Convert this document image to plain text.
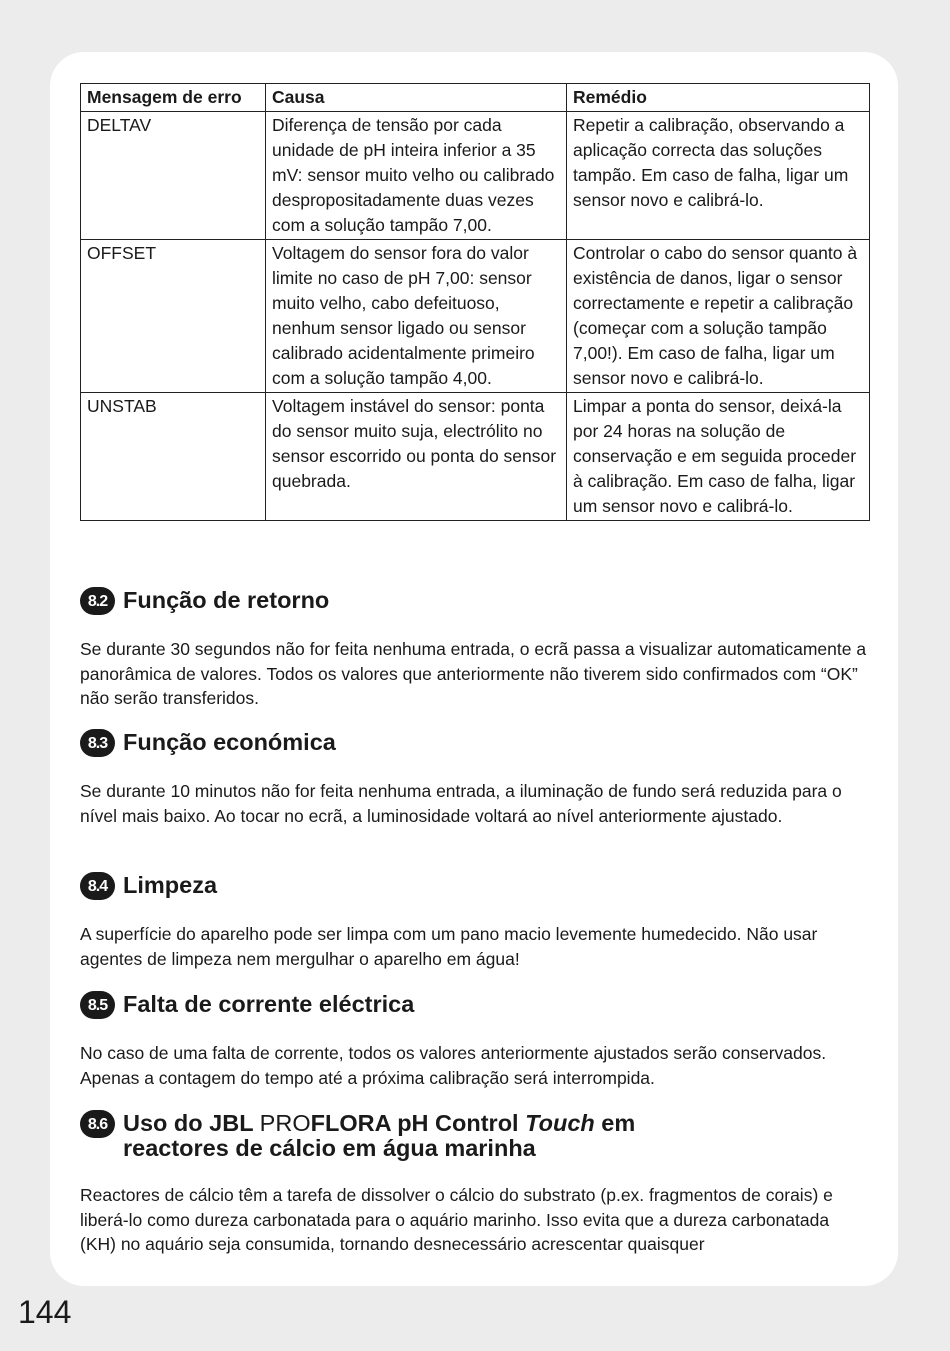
Mensagem de erro	Causa	Remédio
DELTAV	Diferença de tensão por cada unidade de pH inteira inferior a 35 mV: sensor muito velho ou calibrado despropositadamente duas vezes com a solução tampão 7,00.	Repetir a calibração, observando a aplicação correcta das soluções tampão. Em caso de falha, ligar um sensor novo e calibrá-lo.
OFFSET	Voltagem do sensor fora do valor limite no caso de pH 7,00: sensor muito velho, cabo defeituoso, nenhum sensor ligado ou sensor calibrado acidentalmente primeiro com a solução tampão 4,00.	Controlar o cabo do sensor quanto à existência de danos, ligar o sensor correctamente e repetir a calibração (começar com a solução tampão 7,00!). Em caso de falha, ligar um sensor novo e calibrá-lo.
UNSTAB	Voltagem instável do sensor: ponta do sensor muito suja, electrólito no sensor escorrido ou ponta do sensor quebrada.	Limpar a ponta do sensor, deixá-la por 24 horas na solução de conservação e em seguida proceder à calibração. Em caso de falha, ligar um sensor novo e calibrá-lo.
8.2 Função de retorno
Se durante 30 segundos não for feita nenhuma entrada, o ecrã passa a visualizar automaticamente a panorâmica de valores. Todos os valores que anteriormente não tiverem sido confirmados com “OK” não serão transferidos.
8.3 Função económica
Se durante 10 minutos não for feita nenhuma entrada, a iluminação de fundo será reduzida para o nível mais baixo. Ao tocar no ecrã, a luminosidade voltará ao nível anteriormente ajustado.
8.4 Limpeza
A superfície do aparelho pode ser limpa com um pano macio levemente humedecido. Não usar agentes de limpeza nem mergulhar o aparelho em água!
8.5 Falta de corrente eléctrica
No caso de uma falta de corrente, todos os valores anteriormente ajustados serão conservados. Apenas a contagem do tempo até a próxima calibração será interrompida.
8.6 Uso do JBL PROFLORA pH Control Touch em
reactores de cálcio em água marinha
Reactores de cálcio têm a tarefa de dissolver o cálcio do substrato (p.ex. fragmentos de corais) e liberá-lo como dureza carbonatada para o aquário marinho. Isso evita que a dureza carbonatada (KH) no aquário seja consumida, tornando desnecessário acrescentar quaisquer
144
